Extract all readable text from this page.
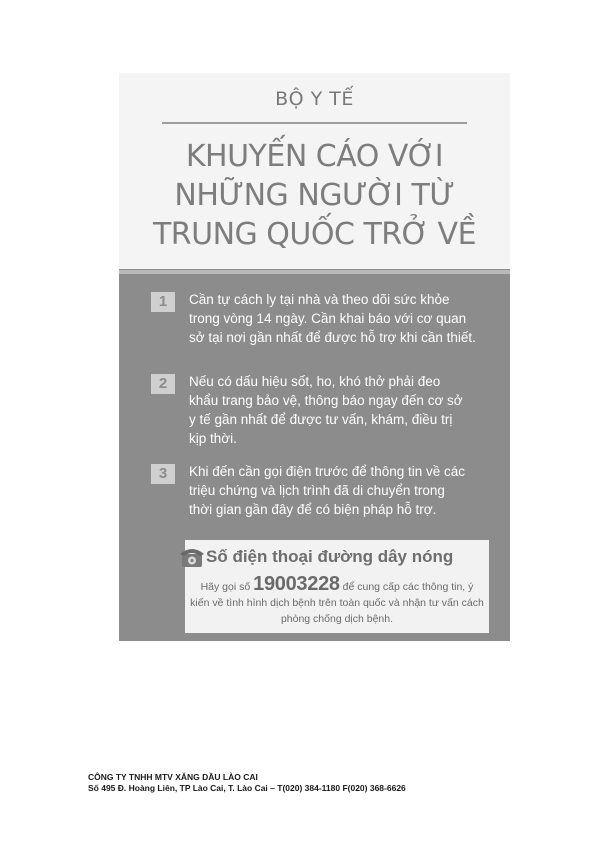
BỘ Y TẾ
KHUYẾN CÁO VỚI
NHỮNG NGƯỜI TỪ
TRUNG QUỐC TRỞ VỀ
1	Cần tự cách ly tại nhà và theo dõi sức khỏe
trong vòng 14 ngày. Cần khai báo với cơ quan
sở tại nơi gần nhất để được hỗ trợ khi cần thiết.
2	Nếu có dấu hiệu sốt, ho, khó thở phải đeo
khẩu trang bảo vệ, thông báo ngay đến cơ sở
y tế gần nhất để được tư vấn, khám, điều trị
kịp thời.
3	Khi đến cần gọi điện trước để thông tin về các
triệu chứng và lịch trình đã di chuyển trong
thời gian gần đây để có biện pháp hỗ trợ.
Số điện thoại đường dây nóng
Hãy gọi số 19003228 để cung cấp các thông tin, ý
kiến về tình hình dịch bệnh trên toàn quốc và nhận tư vấn cách
phòng chống dịch bệnh.
CÔNG TY TNHH MTV XĂNG DẦU LÀO CAI
Số 495 Đ. Hoàng Liên, TP Lào Cai, T. Lào Cai – T(020) 384-1180 F(020) 368-6626
